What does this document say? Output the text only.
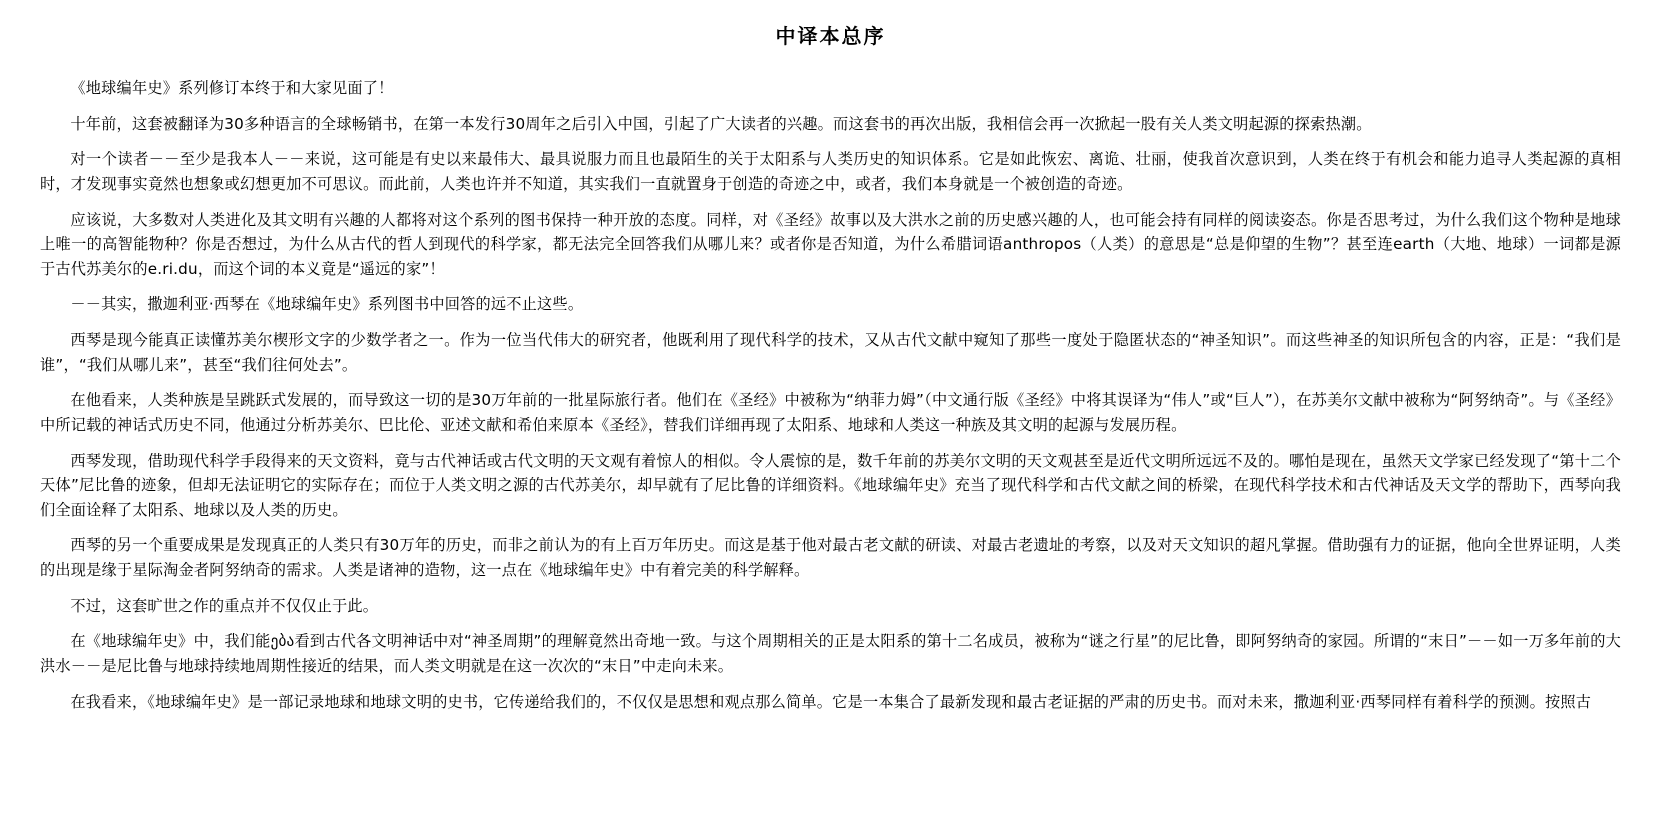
中译本总序

《地球编年史》系列修订本终于和大家见面了！

十年前，这套被翻译为30多种语言的全球畅销书，在第一本发行30周年之后引入中国，引起了广大读者的兴趣。而这套书的再次出版，我相信会再一次掀起一股有关人类文明起源的探索热潮。

对一个读者－－至少是我本人－－来说，这可能是有史以来最伟大、最具说服力而且也最陌生的关于太阳系与人类历史的知识体系。它是如此恢宏、离诡、壮丽，使我首次意识到，人类在终于有机会和能力追寻人类起源的真相时，才发现事实竟然也想象或幻想更加不可思议。而此前，人类也许并不知道，其实我们一直就置身于创造的奇迹之中，或者，我们本身就是一个被创造的奇迹。

应该说，大多数对人类进化及其文明有兴趣的人都将对这个系列的图书保持一种开放的态度。同样，对《圣经》故事以及大洪水之前的历史感兴趣的人，也可能会持有同样的阅读姿态。你是否思考过，为什么我们这个物种是地球上唯一的高智能物种？你是否想过，为什么从古代的哲人到现代的科学家，都无法完全回答我们从哪儿来？或者你是否知道，为什么希腊词语anthropos（人类）的意思是“总是仰望的生物”？甚至连earth（大地、地球）一词都是源于古代苏美尔的e.ri.du，而这个词的本义竟是“遥远的家”！

－－其实，撒迦利亚·西琴在《地球编年史》系列图书中回答的远不止这些。

西琴是现今能真正读懂苏美尔楔形文字的少数学者之一。作为一位当代伟大的研究者，他既利用了现代科学的技术，又从古代文献中窥知了那些一度处于隐匿状态的“神圣知识”。而这些神圣的知识所包含的内容，正是：“我们是谁”，“我们从哪儿来”，甚至“我们往何处去”。

在他看来，人类种族是呈跳跃式发展的，而导致这一切的是30万年前的一批星际旅行者。他们在《圣经》中被称为“纳菲力姆”（中文通行版《圣经》中将其误译为“伟人”或“巨人”），在苏美尔文献中被称为“阿努纳奇”。与《圣经》中所记载的神话式历史不同，他通过分析苏美尔、巴比伦、亚述文献和希伯来原本《圣经》，替我们详细再现了太阳系、地球和人类这一种族及其文明的起源与发展历程。

西琴发现，借助现代科学手段得来的天文资料，竟与古代神话或古代文明的天文观有着惊人的相似。令人震惊的是，数千年前的苏美尔文明的天文观甚至是近代文明所远远不及的。哪怕是现在，虽然天文学家已经发现了“第十二个天体”尼比鲁的迹象，但却无法证明它的实际存在；而位于人类文明之源的古代苏美尔，却早就有了尼比鲁的详细资料。《地球编年史》充当了现代科学和古代文献之间的桥梁，在现代科学技术和古代神话及天文学的帮助下，西琴向我们全面诠释了太阳系、地球以及人类的历史。

西琴的另一个重要成果是发现真正的人类只有30万年的历史，而非之前认为的有上百万年历史。而这是基于他对最古老文献的研读、对最古老遗址的考察，以及对天文知识的超凡掌握。借助强有力的证据，他向全世界证明，人类的出现是缘于星际淘金者阿努纳奇的需求。人类是诸神的造物，这一点在《地球编年史》中有着完美的科学解释。

不过，这套旷世之作的重点并不仅仅止于此。

在《地球编年史》中，我们能ება看到古代各文明神话中对“神圣周期”的理解竟然出奇地一致。与这个周期相关的正是太阳系的第十二名成员，被称为“谜之行星”的尼比鲁，即阿努纳奇的家园。所谓的“末日”－－如一万多年前的大洪水－－是尼比鲁与地球持续地周期性接近的结果，而人类文明就是在这一次次的“末日”中走向未来。

在我看来，《地球编年史》是一部记录地球和地球文明的史书，它传递给我们的，不仅仅是思想和观点那么简单。它是一本集合了最新发现和最古老证据的严肃的历史书。而对未来，撒迦利亚·西琴同样有着科学的预测。按照古
